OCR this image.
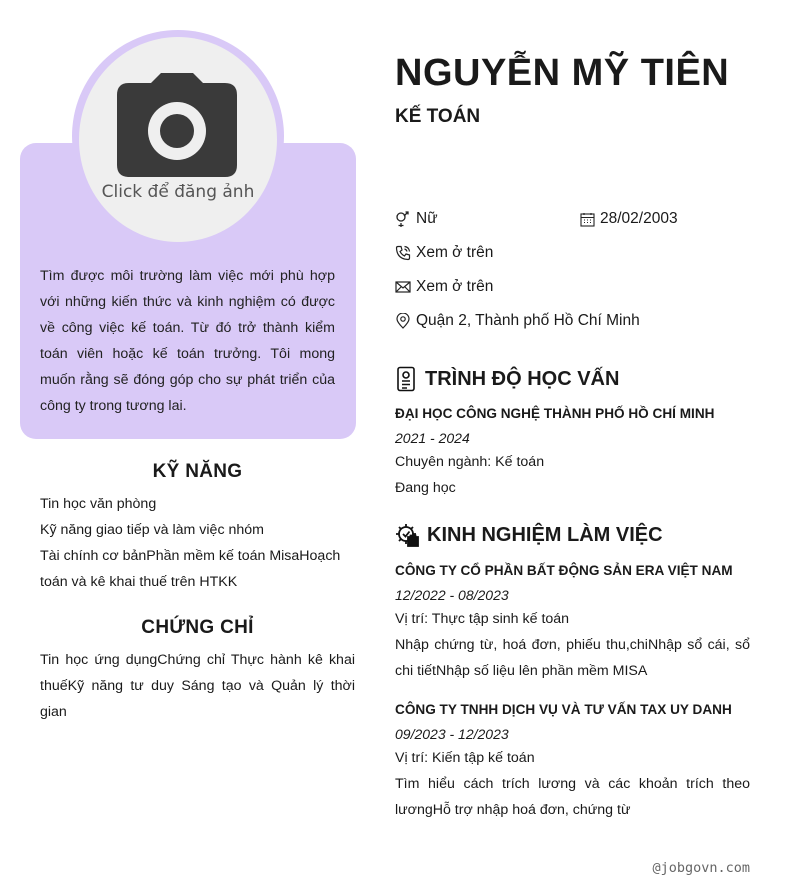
Click để đăng ảnh
Tìm được môi trường làm việc mới phù hợp với những kiến thức và kinh nghiệm có được về công việc kế toán. Từ đó trở thành kiểm toán viên hoặc kế toán trưởng. Tôi mong muốn rằng sẽ đóng góp cho sự phát triển của công ty trong tương lai.
KỸ NĂNG
Tin học văn phòng
Kỹ năng giao tiếp và làm việc nhóm
Tài chính cơ bảnPhần mềm kế toán MisaHoạch toán và kê khai thuế trên HTKK
CHỨNG CHỈ
Tin học ứng dụngChứng chỉ Thực hành kê khai thuếKỹ năng tư duy Sáng tạo và Quản lý thời gian
NGUYỄN MỸ TIÊN
KẾ TOÁN
Nữ	28/02/2003
Xem ở trên
Xem ở trên
Quận 2, Thành phố Hồ Chí Minh
TRÌNH ĐỘ HỌC VẤN
ĐẠI HỌC CÔNG NGHỆ THÀNH PHỐ HỒ CHÍ MINH
2021 - 2024
Chuyên ngành: Kế toán
Đang học
KINH NGHIỆM LÀM VIỆC
CÔNG TY CỔ PHẦN BẤT ĐỘNG SẢN ERA VIỆT NAM
12/2022 - 08/2023
Vị trí: Thực tập sinh kế toán
Nhập chứng từ, hoá đơn, phiếu thu,chiNhập sổ cái, sổ chi tiếtNhập số liệu lên phần mềm MISA
CÔNG TY TNHH DỊCH VỤ VÀ TƯ VẤN TAX UY DANH
09/2023 - 12/2023
Vị trí: Kiến tập kế toán
Tìm hiểu cách trích lương và các khoản trích theo lươngHỗ trợ nhập hoá đơn, chứng từ
@jobgovn.com
